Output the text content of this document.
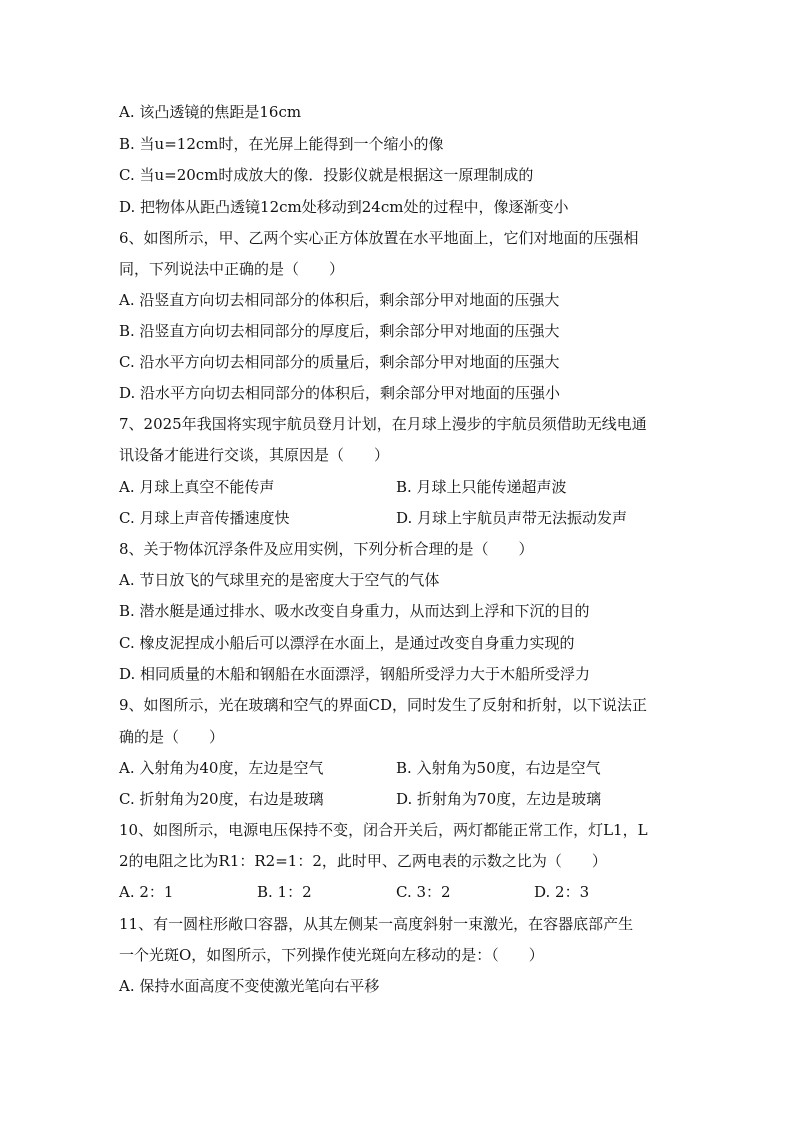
A. 该凸透镜的焦距是16cm
B. 当u=12cm时，在光屏上能得到一个缩小的像
C. 当u=20cm时成放大的像．投影仪就是根据这一原理制成的
D. 把物体从距凸透镜12cm处移动到24cm处的过程中，像逐渐变小
6、如图所示，甲、乙两个实心正方体放置在水平地面上，它们对地面的压强相
同，下列说法中正确的是（　　）
A. 沿竖直方向切去相同部分的体积后，剩余部分甲对地面的压强大
B. 沿竖直方向切去相同部分的厚度后，剩余部分甲对地面的压强大
C. 沿水平方向切去相同部分的质量后，剩余部分甲对地面的压强大
D. 沿水平方向切去相同部分的体积后，剩余部分甲对地面的压强小
7、2025年我国将实现宇航员登月计划，在月球上漫步的宇航员须借助无线电通
讯设备才能进行交谈，其原因是（　　）
A. 月球上真空不能传声	B. 月球上只能传递超声波
C. 月球上声音传播速度快	D. 月球上宇航员声带无法振动发声
8、关于物体沉浮条件及应用实例，下列分析合理的是（　　）
A. 节日放飞的气球里充的是密度大于空气的气体
B. 潜水艇是通过排水、吸水改变自身重力，从而达到上浮和下沉的目的
C. 橡皮泥捏成小船后可以漂浮在水面上，是通过改变自身重力实现的
D. 相同质量的木船和钢船在水面漂浮，钢船所受浮力大于木船所受浮力
9、如图所示，光在玻璃和空气的界面CD，同时发生了反射和折射，以下说法正
确的是（　　）
A. 入射角为40度，左边是空气	B. 入射角为50度，右边是空气
C. 折射角为20度，右边是玻璃	D. 折射角为70度，左边是玻璃
10、如图所示，电源电压保持不变，闭合开关后，两灯都能正常工作，灯L1，L
2的电阻之比为R1：R2=1：2，此时甲、乙两电表的示数之比为（　　）
A. 2：1	B. 1：2	C. 3：2	D. 2：3
11、有一圆柱形敞口容器，从其左侧某一高度斜射一束激光，在容器底部产生
一个光斑O，如图所示，下列操作使光斑向左移动的是：（　　）
A. 保持水面高度不变使激光笔向右平移
